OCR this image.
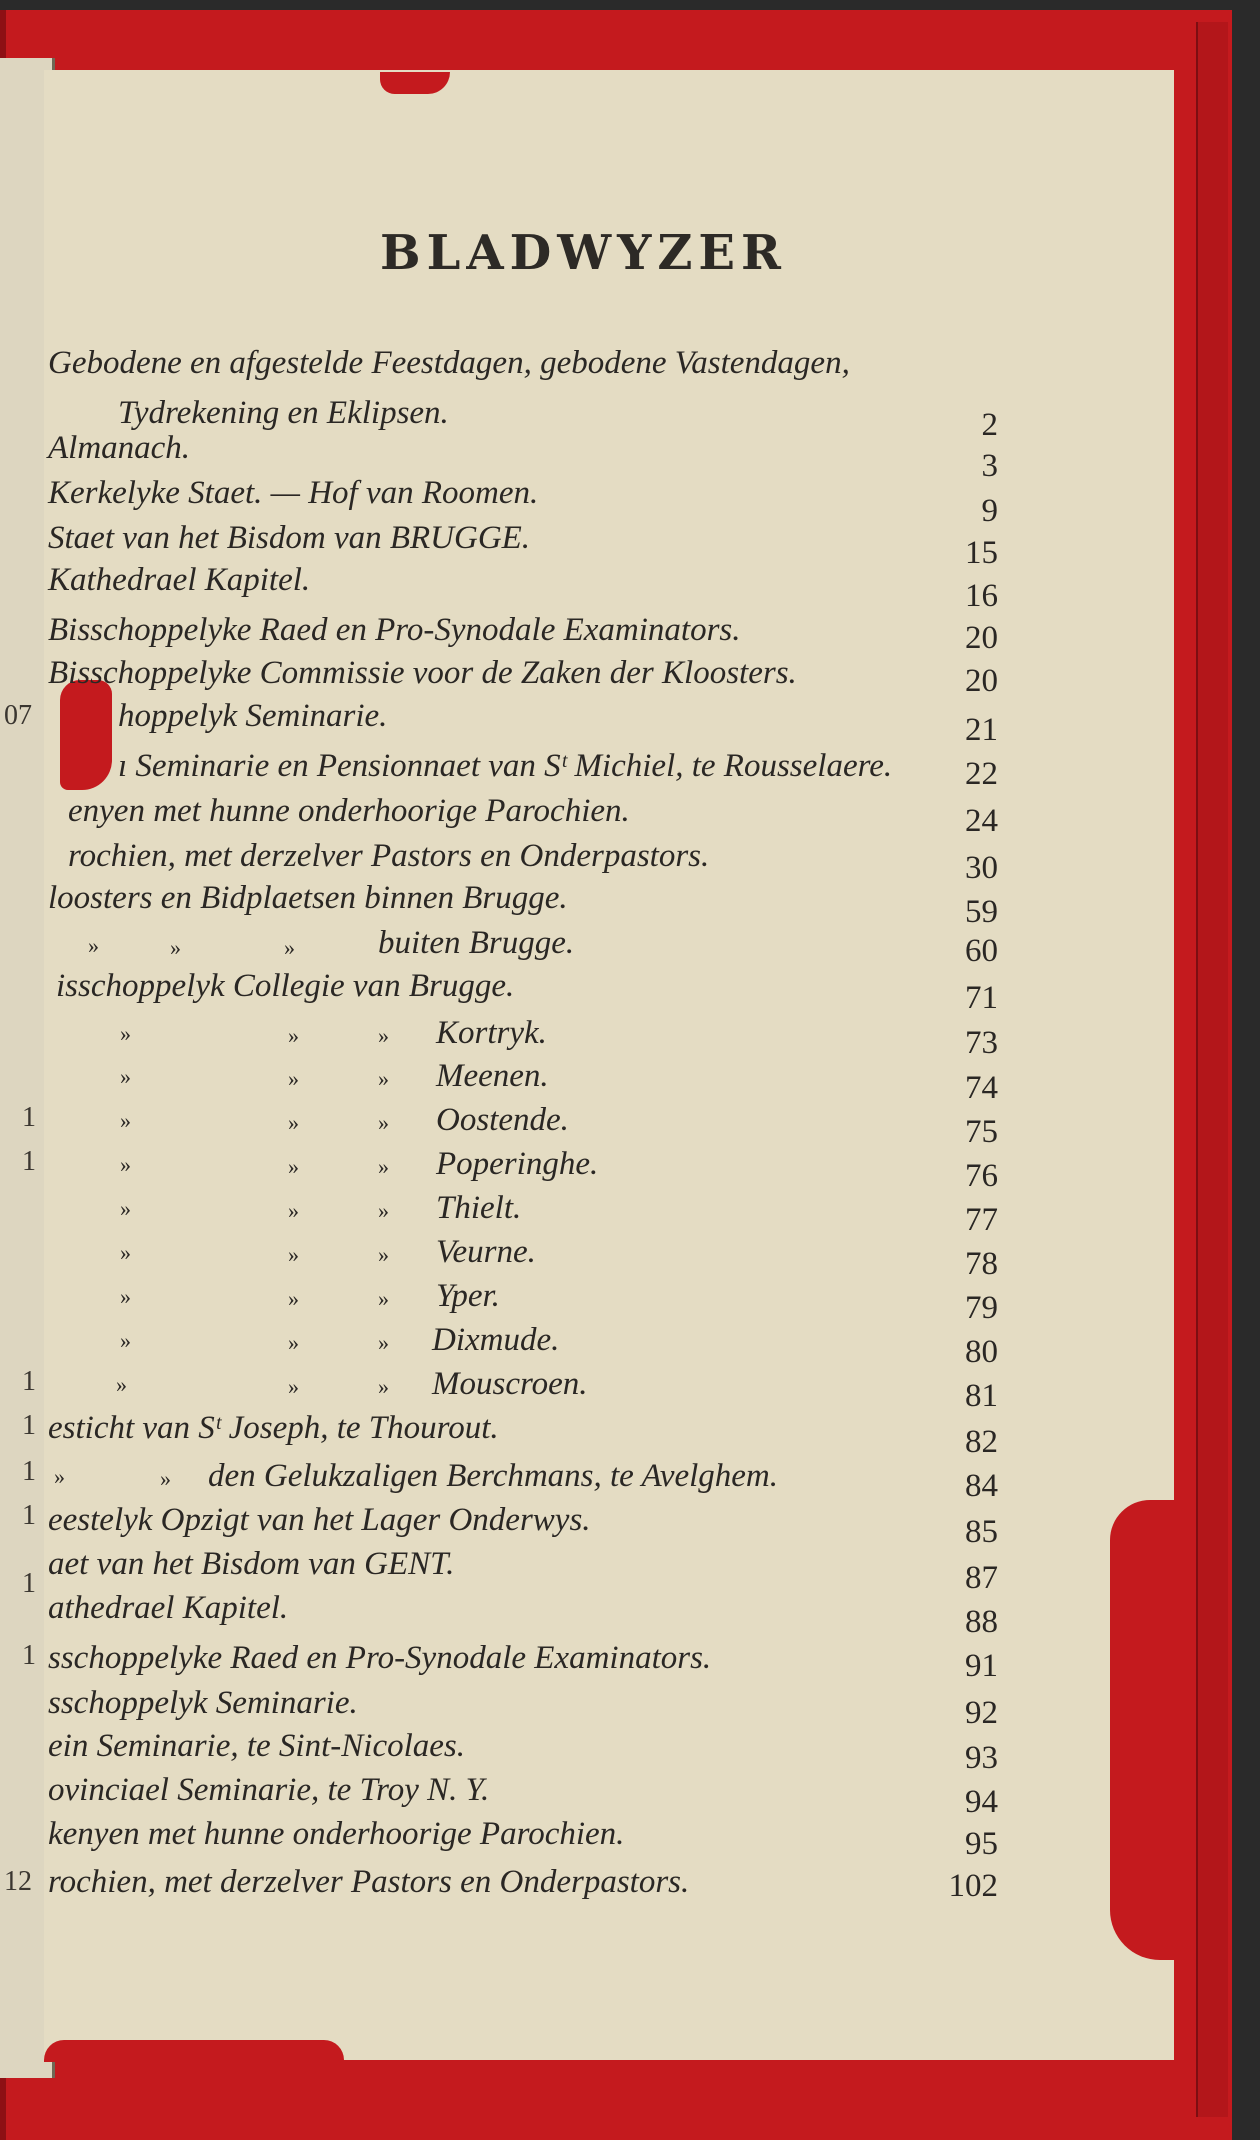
BLADWYZER
Gebodene en afgestelde Feestdagen, gebodene Vastendagen,
Tydrekening en Eklipsen.	2
Almanach.	3
Kerkelyke Staet. — Hof van Roomen.	9
Staet van het Bisdom van BRUGGE.	15
Kathedrael Kapitel.	16
Bisschoppelyke Raed en Pro-Synodale Examinators.	20
Bisschoppelyke Commissie voor de Zaken der Kloosters.	20
hoppelyk Seminarie.	21
ı Seminarie en Pensionnaet van Sᵗ Michiel, te Rousselaere.	22
enyen met hunne onderhoorige Parochien.	24
rochien, met derzelver Pastors en Onderpastors.	30
loosters en Bidplaetsen binnen Brugge.	59
»	»	»	buiten Brugge.	60
isschoppelyk Collegie van Brugge.	71
»	»	» Kortryk.	73
»	»	» Meenen.	74
»	»	» Oostende.	75
»	»	» Poperinghe.	76
»	»	» Thielt.	77
»	»	» Veurne.	78
»	»	» Yper.	79
»	»	» Dixmude.	80
»	»	» Mouscroen.	81
esticht van Sᵗ Joseph, te Thourout.	82
»	» den Gelukzaligen Berchmans, te Avelghem.	84
eestelyk Opzigt van het Lager Onderwys.	85
aet van het Bisdom van GENT.	87
athedrael Kapitel.	88
sschoppelyke Raed en Pro-Synodale Examinators.	91
sschoppelyk Seminarie.	92
ein Seminarie, te Sint-Nicolaes.	93
ovinciael Seminarie, te Troy N. Y.	94
kenyen met hunne onderhoorige Parochien.	95
rochien, met derzelver Pastors en Onderpastors.	102
07
1
1
1
1
1
1
1
1
12
